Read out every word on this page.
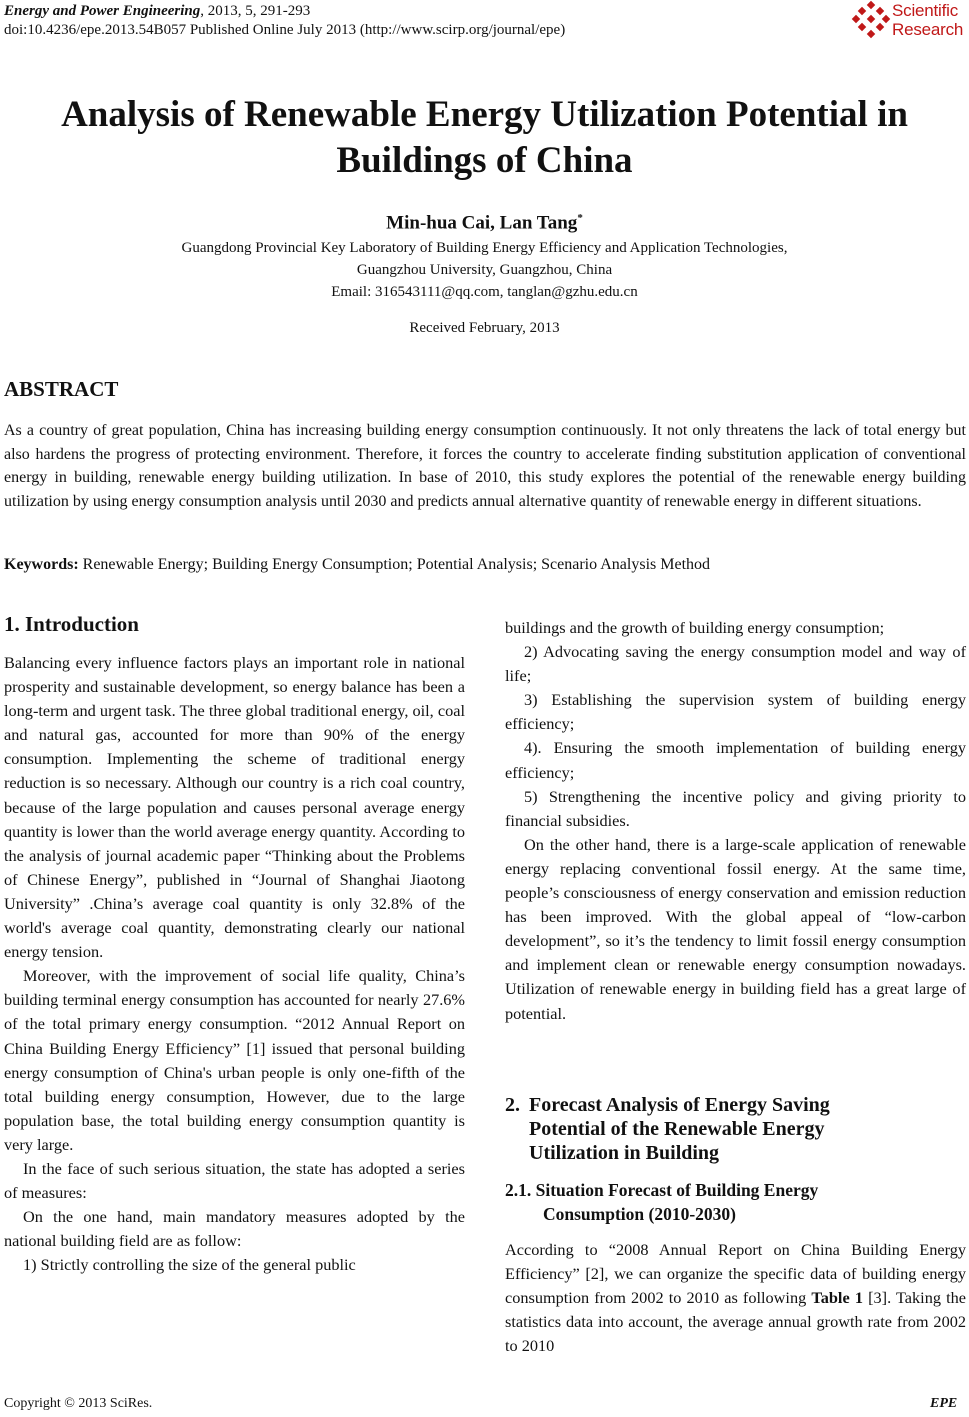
Energy and Power Engineering, 2013, 5, 291-293
doi:10.4236/epe.2013.54B057 Published Online July 2013 (http://www.scirp.org/journal/epe)
Scientific
Research
Analysis of Renewable Energy Utilization Potential in
Buildings of China
Min-hua Cai, Lan Tang*
Guangdong Provincial Key Laboratory of Building Energy Efficiency and Application Technologies,
Guangzhou University, Guangzhou, China
Email: 316543111@qq.com, tanglan@gzhu.edu.cn
Received February, 2013
ABSTRACT
As a country of great population, China has increasing building energy consumption continuously. It not only threatens the lack of total energy but also hardens the progress of protecting environment. Therefore, it forces the country to accelerate finding substitution application of conventional energy in building, renewable energy building utilization. In base of 2010, this study explores the potential of the renewable energy building utilization by using energy consumption analysis until 2030 and predicts annual alternative quantity of renewable energy in different situations.
Keywords: Renewable Energy; Building Energy Consumption; Potential Analysis; Scenario Analysis Method
1. Introduction

Balancing every influence factors plays an important role in national prosperity and sustainable development, so energy balance has been a long-term and urgent task. The three global traditional energy, oil, coal and natural gas, accounted for more than 90% of the energy consumption. Implementing the scheme of traditional energy reduction is so necessary. Although our country is a rich coal country, because of the large population and causes personal average energy quantity is lower than the world average energy quantity. According to the analysis of journal academic paper “Thinking about the Problems of Chinese Energy”, published in “Journal of Shanghai Jiaotong University” .China’s average coal quantity is only 32.8% of the world's average coal quantity, demonstrating clearly our national energy tension.

Moreover, with the improvement of social life quality, China’s building terminal energy consumption has accounted for nearly 27.6% of the total primary energy consumption. “2012 Annual Report on China Building Energy Efficiency” [1] issued that personal building energy consumption of China's urban people is only one-fifth of the total building energy consumption, However, due to the large population base, the total building energy consumption quantity is very large.

In the face of such serious situation, the state has adopted a series of measures:

On the one hand, main mandatory measures adopted by the national building field are as follow:

1) Strictly controlling the size of the general public

buildings and the growth of building energy consumption;

2) Advocating saving the energy consumption model and way of life;

3) Establishing the supervision system of building energy efficiency;

4). Ensuring the smooth implementation of building energy efficiency;

5) Strengthening the incentive policy and giving priority to financial subsidies.

On the other hand, there is a large-scale application of renewable energy replacing conventional fossil energy. At the same time, people’s consciousness of energy conservation and emission reduction has been improved. With the global appeal of “low-carbon development”, so it’s the tendency to limit fossil energy consumption and implement clean or renewable energy consumption nowadays. Utilization of renewable energy in building field has a great large of potential.

2. Forecast Analysis of Energy Saving
Potential of the Renewable Energy
Utilization in Building
2.1. Situation Forecast of Building Energy
Consumption (2010-2030)

According to “2008 Annual Report on China Building Energy Efficiency” [2], we can organize the specific data of building energy consumption from 2002 to 2010 as following Table 1 [3]. Taking the statistics data into account, the average annual growth rate from 2002 to 2010

Copyright © 2013 SciRes.	EPE
